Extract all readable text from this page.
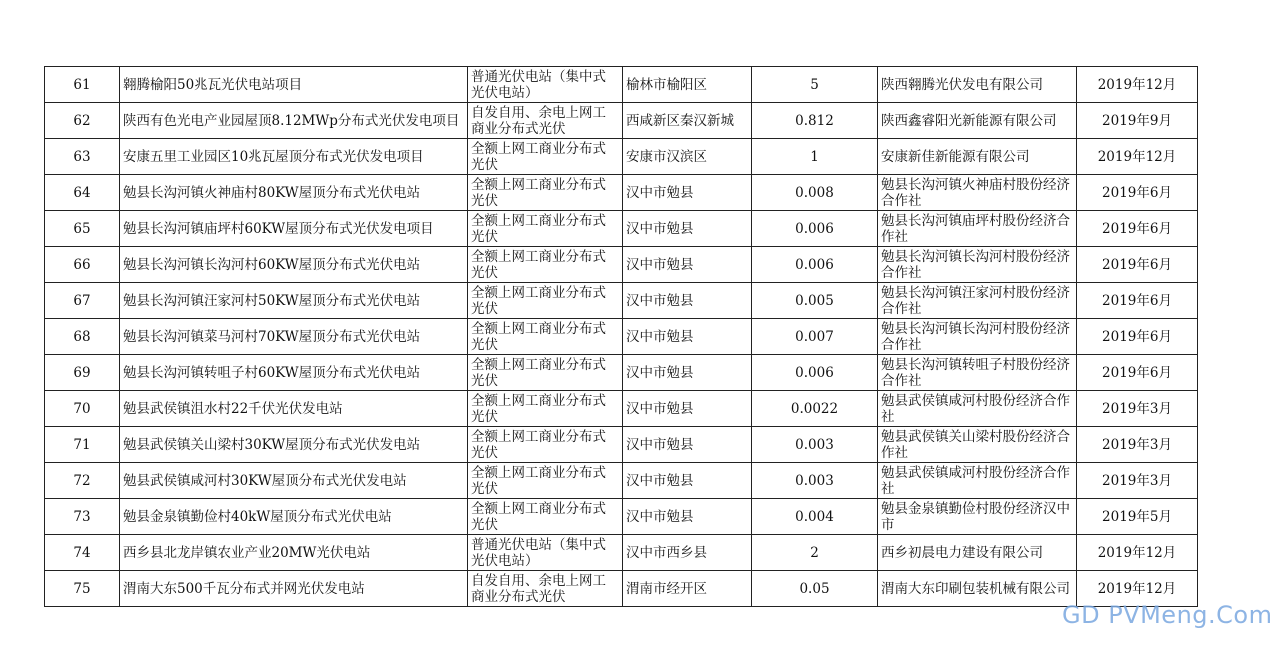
61	翱腾榆阳50兆瓦光伏电站项目	普通光伏电站（集中式光伏电站）	榆林市榆阳区	5	陕西翱腾光伏发电有限公司	2019年12月
62	陕西有色光电产业园屋顶8.12MWp分布式光伏发电项目	自发自用、余电上网工商业分布式光伏	西咸新区秦汉新城	0.812	陕西鑫睿阳光新能源有限公司	2019年9月
63	安康五里工业园区10兆瓦屋顶分布式光伏发电项目	全额上网工商业分布式光伏	安康市汉滨区	1	安康新佳新能源有限公司	2019年12月
64	勉县长沟河镇火神庙村80KW屋顶分布式光伏电站	全额上网工商业分布式光伏	汉中市勉县	0.008	勉县长沟河镇火神庙村股份经济合作社	2019年6月
65	勉县长沟河镇庙坪村60KW屋顶分布式光伏发电项目	全额上网工商业分布式光伏	汉中市勉县	0.006	勉县长沟河镇庙坪村股份经济合作社	2019年6月
66	勉县长沟河镇长沟河村60KW屋顶分布式光伏电站	全额上网工商业分布式光伏	汉中市勉县	0.006	勉县长沟河镇长沟河村股份经济合作社	2019年6月
67	勉县长沟河镇汪家河村50KW屋顶分布式光伏电站	全额上网工商业分布式光伏	汉中市勉县	0.005	勉县长沟河镇汪家河村股份经济合作社	2019年6月
68	勉县长沟河镇菜马河村70KW屋顶分布式光伏电站	全额上网工商业分布式光伏	汉中市勉县	0.007	勉县长沟河镇长沟河村股份经济合作社	2019年6月
69	勉县长沟河镇转咀子村60KW屋顶分布式光伏电站	全额上网工商业分布式光伏	汉中市勉县	0.006	勉县长沟河镇转咀子村股份经济合作社	2019年6月
70	勉县武侯镇沮水村22千伏光伏发电站	全额上网工商业分布式光伏	汉中市勉县	0.0022	勉县武侯镇咸河村股份经济合作社	2019年3月
71	勉县武侯镇关山梁村30KW屋顶分布式光伏发电站	全额上网工商业分布式光伏	汉中市勉县	0.003	勉县武侯镇关山梁村股份经济合作社	2019年3月
72	勉县武侯镇咸河村30KW屋顶分布式光伏发电站	全额上网工商业分布式光伏	汉中市勉县	0.003	勉县武侯镇咸河村股份经济合作社	2019年3月
73	勉县金泉镇勤俭村40kW屋顶分布式光伏电站	全额上网工商业分布式光伏	汉中市勉县	0.004	勉县金泉镇勤俭村股份经济汉中市	2019年5月
74	西乡县北龙岸镇农业产业20MW光伏电站	普通光伏电站（集中式光伏电站）	汉中市西乡县	2	西乡初晨电力建设有限公司	2019年12月
75	渭南大东500千瓦分布式并网光伏发电站	自发自用、余电上网工商业分布式光伏	渭南市经开区	0.05	渭南大东印刷包装机械有限公司	2019年12月
GD PVMeng.Com
